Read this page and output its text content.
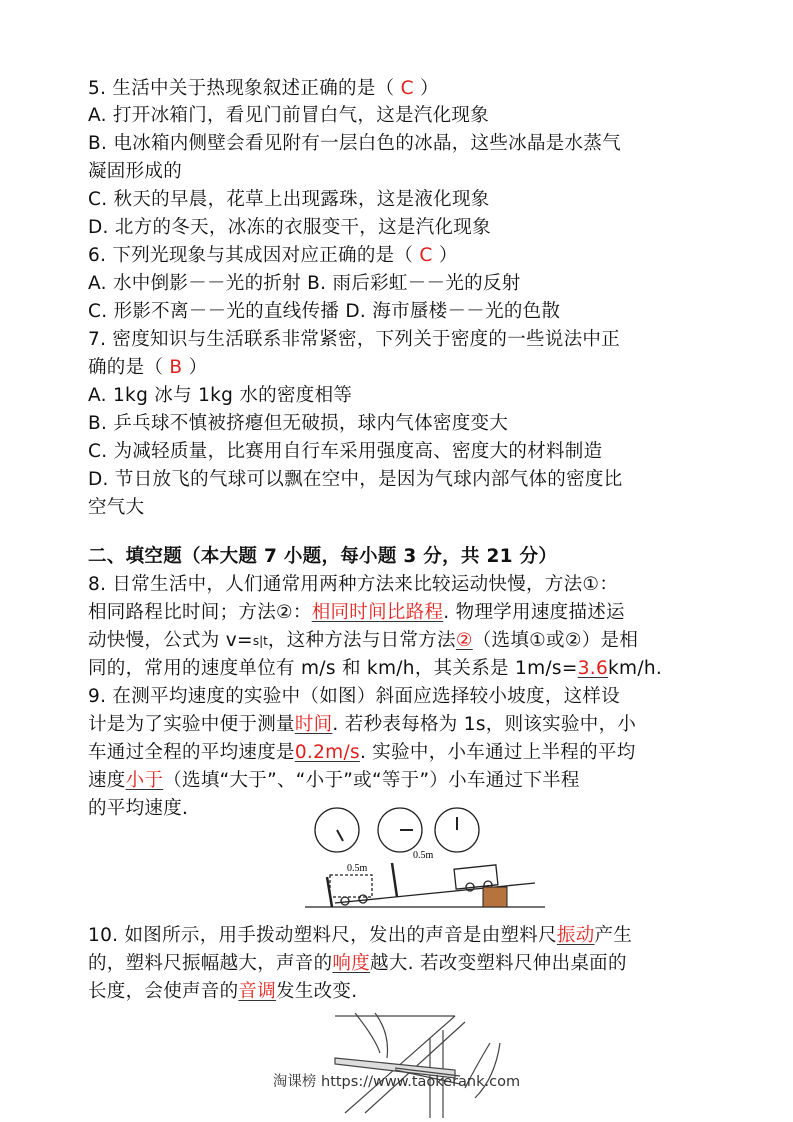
5. 生活中关于热现象叙述正确的是（ C ）
A. 打开冰箱门，看见门前冒白气，这是汽化现象
B. 电冰箱内侧壁会看见附有一层白色的冰晶，这些冰晶是水蒸气
凝固形成的
C. 秋天的早晨，花草上出现露珠，这是液化现象
D. 北方的冬天，冰冻的衣服变干，这是汽化现象
6. 下列光现象与其成因对应正确的是（ C ）
A. 水中倒影－－光的折射 B. 雨后彩虹－－光的反射
C. 形影不离－－光的直线传播 D. 海市蜃楼－－光的色散
7. 密度知识与生活联系非常紧密，下列关于密度的一些说法中正
确的是（ B ）
A. 1kg 冰与 1kg 水的密度相等
B. 乒乓球不慎被挤瘪但无破损，球内气体密度变大
C. 为减轻质量，比赛用自行车采用强度高、密度大的材料制造
D. 节日放飞的气球可以飘在空中，是因为气球内部气体的密度比
空气大
二、填空题（本大题 7 小题，每小题 3 分，共 21 分）
8. 日常生活中，人们通常用两种方法来比较运动快慢，方法①：
相同路程比时间；方法②：相同时间比路程. 物理学用速度描述运
动快慢，公式为 v=s|t，这种方法与日常方法②（选填①或②）是相
同的，常用的速度单位有 m/s 和 km/h，其关系是 1m/s=3.6km/h.
9. 在测平均速度的实验中（如图）斜面应选择较小坡度，这样设
计是为了实验中便于测量时间. 若秒表每格为 1s，则该实验中，小
车通过全程的平均速度是0.2m/s. 实验中，小车通过上半程的平均
速度小于（选填“大于”、“小于”或“等于”）小车通过下半程
的平均速度.
10. 如图所示，用手拨动塑料尺，发出的声音是由塑料尺振动产生
的，塑料尺振幅越大，声音的响度越大. 若改变塑料尺伸出桌面的
长度，会使声音的音调发生改变.
0.5m
0.5m
淘课榜 https://www.taokerank.com
